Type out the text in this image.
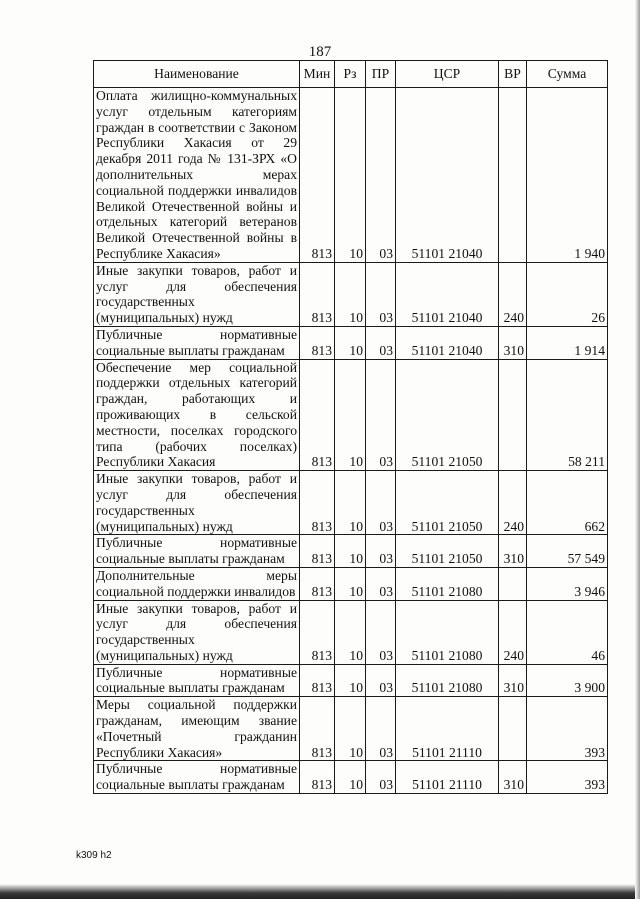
187
Наименование	Мин	Рз	ПР	ЦСР	ВР	Сумма
Оплата жилищно-коммунальных услуг отдельным категориям граждан в соответствии с Законом Республики Хакасия от 29 декабря 2011 года № 131-ЗРХ «О дополнительных мерах социальной поддержки инвалидов Великой Отечественной войны и отдельных категорий ветеранов Великой Отечественной войны в Республике Хакасия»	813	10	03	51101 21040		1 940
Иные закупки товаров, работ и услуг для обеспечения государственных (муниципальных) нужд	813	10	03	51101 21040	240	26
Публичные нормативные социальные выплаты гражданам	813	10	03	51101 21040	310	1 914
Обеспечение мер социальной поддержки отдельных категорий граждан, работающих и проживающих в сельской местности, поселках городского типа (рабочих поселках) Республики Хакасия	813	10	03	51101 21050		58 211
Иные закупки товаров, работ и услуг для обеспечения государственных (муниципальных) нужд	813	10	03	51101 21050	240	662
Публичные нормативные социальные выплаты гражданам	813	10	03	51101 21050	310	57 549
Дополнительные меры социальной поддержки инвалидов	813	10	03	51101 21080		3 946
Иные закупки товаров, работ и услуг для обеспечения государственных (муниципальных) нужд	813	10	03	51101 21080	240	46
Публичные нормативные социальные выплаты гражданам	813	10	03	51101 21080	310	3 900
Меры социальной поддержки гражданам, имеющим звание «Почетный гражданин Республики Хакасия»	813	10	03	51101 21110		393
Публичные нормативные социальные выплаты гражданам	813	10	03	51101 21110	310	393
k309 h2
